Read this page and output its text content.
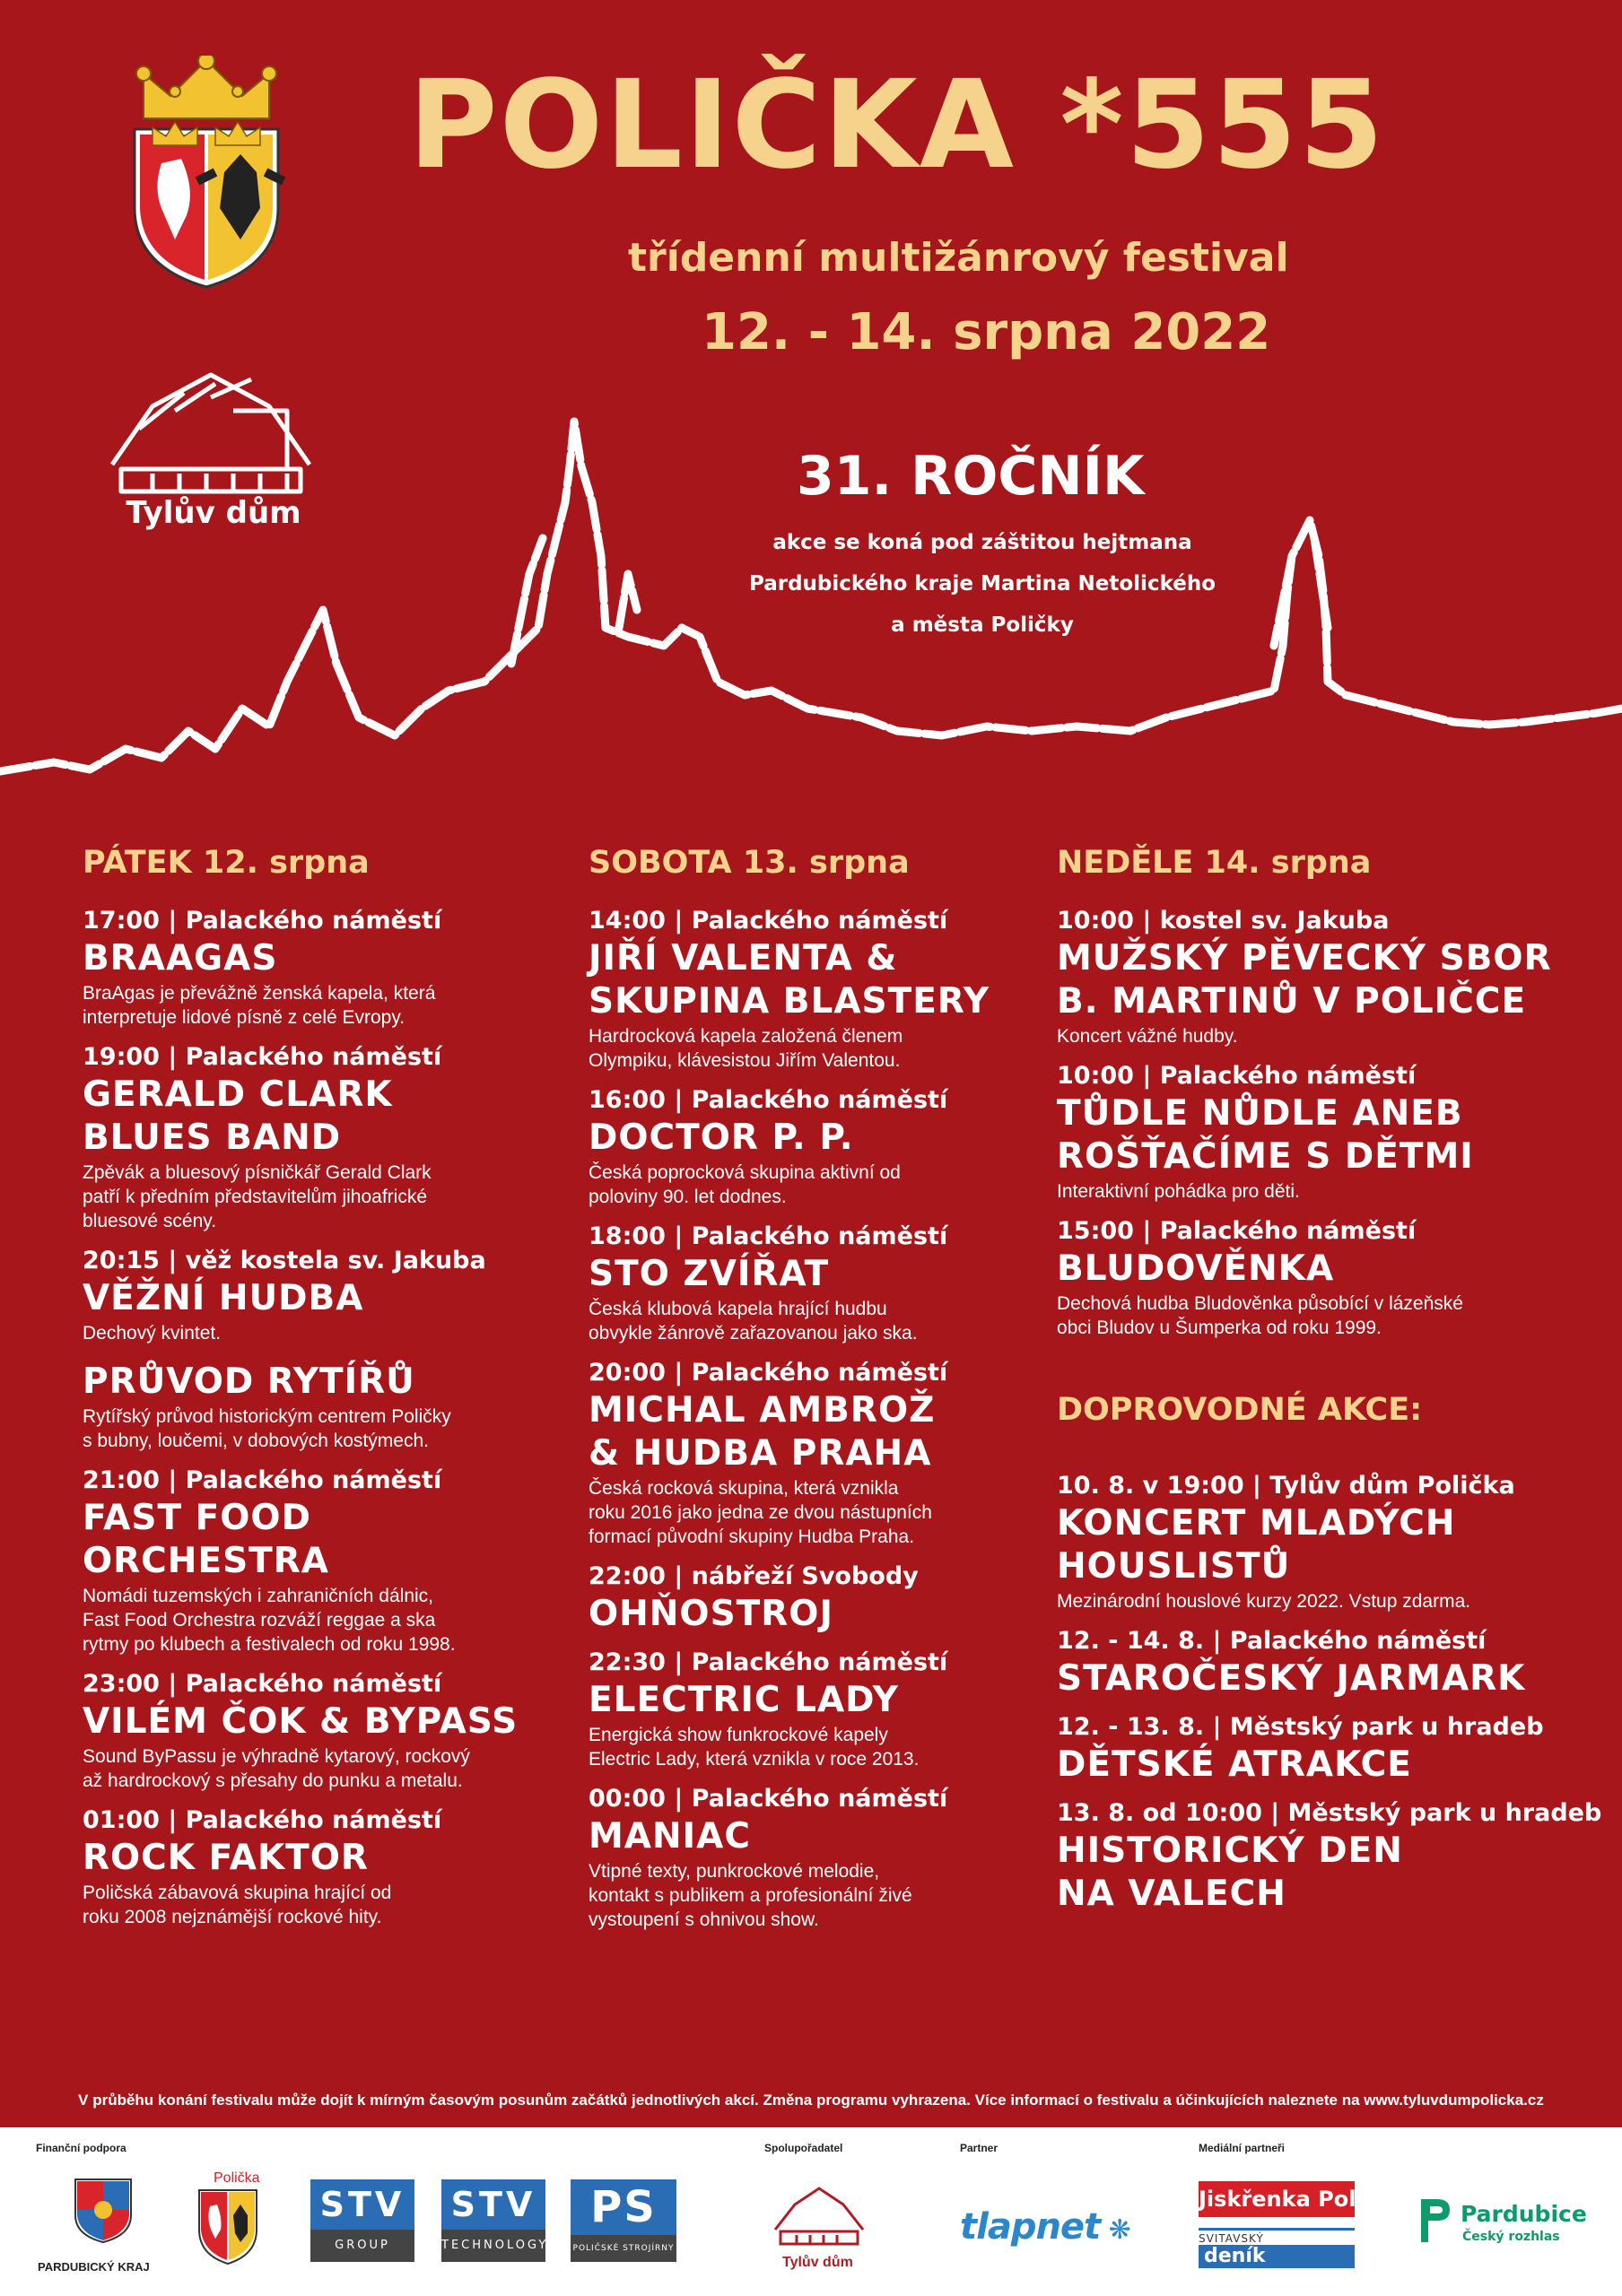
POLIČKA *555
třídenní multižánrový festival
12. - 14. srpna 2022
Tylův dům
31. ROČNÍK
akce se koná pod záštitou hejtmana
Pardubického kraje Martina Netolického
a města Poličky
PÁTEK 12. srpna
17:00 | Palackého náměstí
BRAAGAS
BraAgas je převážně ženská kapela, která
interpretuje lidové písně z celé Evropy.
19:00 | Palackého náměstí
GERALD CLARK
BLUES BAND
Zpěvák a bluesový písničkář Gerald Clark
patří k předním představitelům jihoafrické
bluesové scény.
20:15 | věž kostela sv. Jakuba
VĚŽNÍ HUDBA
Dechový kvintet.
PRŮVOD RYTÍŘŮ
Rytířský průvod historickým centrem Poličky
s bubny, loučemi, v dobových kostýmech.
21:00 | Palackého náměstí
FAST FOOD
ORCHESTRA
Nomádi tuzemských i zahraničních dálnic,
Fast Food Orchestra rozváží reggae a ska
rytmy po klubech a festivalech od roku 1998.
23:00 | Palackého náměstí
VILÉM ČOK & BYPASS
Sound ByPassu je výhradně kytarový, rockový
až hardrockový s přesahy do punku a metalu.
01:00 | Palackého náměstí
ROCK FAKTOR
Poličská zábavová skupina hrající od
roku 2008 nejznámější rockové hity.
SOBOTA 13. srpna
14:00 | Palackého náměstí
JIŘÍ VALENTA &
SKUPINA BLASTERY
Hardrocková kapela založená členem
Olympiku, klávesistou Jiřím Valentou.
16:00 | Palackého náměstí
DOCTOR P. P.
Česká poprocková skupina aktivní od
poloviny 90. let dodnes.
18:00 | Palackého náměstí
STO ZVÍŘAT
Česká klubová kapela hrající hudbu
obvykle žánrově zařazovanou jako ska.
20:00 | Palackého náměstí
MICHAL AMBROŽ
& HUDBA PRAHA
Česká rocková skupina, která vznikla
roku 2016 jako jedna ze dvou nástupních
formací původní skupiny Hudba Praha.
22:00 | nábřeží Svobody
OHŇOSTROJ
22:30 | Palackého náměstí
ELECTRIC LADY
Energická show funkrockové kapely
Electric Lady, která vznikla v roce 2013.
00:00 | Palackého náměstí
MANIAC
Vtipné texty, punkrockové melodie,
kontakt s publikem a profesionální živé
vystoupení s ohnivou show.
NEDĚLE 14. srpna
10:00 | kostel sv. Jakuba
MUŽSKÝ PĚVECKÝ SBOR
B. MARTINŮ V POLIČCE
Koncert vážné hudby.
10:00 | Palackého náměstí
TŮDLE NŮDLE ANEB
ROŠŤAČÍME S DĚTMI
Interaktivní pohádka pro děti.
15:00 | Palackého náměstí
BLUDOVĚNKA
Dechová hudba Bludověnka působící v lázeňské
obci Bludov u Šumperka od roku 1999.
DOPROVODNÉ AKCE:
10. 8. v 19:00 | Tylův dům Polička
KONCERT MLADÝCH
HOUSLISTŮ
Mezinárodní houslové kurzy 2022. Vstup zdarma.
12. - 14. 8. | Palackého náměstí
STAROČESKÝ JARMARK
12. - 13. 8. | Městský park u hradeb
DĚTSKÉ ATRAKCE
13. 8. od 10:00 | Městský park u hradeb
HISTORICKÝ DEN
NA VALECH
V průběhu konání festivalu může dojít k mírným časovým posunům začátků jednotlivých akcí. Změna programu vyhrazena. Více informací o festivalu a účinkujících naleznete na www.tyluvdumpolicka.cz
Finanční podpora	Spolupořadatel	Partner	Mediální partneři
PARDUBICKÝ KRAJ
Polička
STV
GROUP
STV
TECHNOLOGY
PS
POLIČSKÉ STROJÍRNY
Tylův dům
tlapnet ❋
Jiskřenka Polička
SVITAVSKÝ
deník
Pardubice
Český rozhlas
